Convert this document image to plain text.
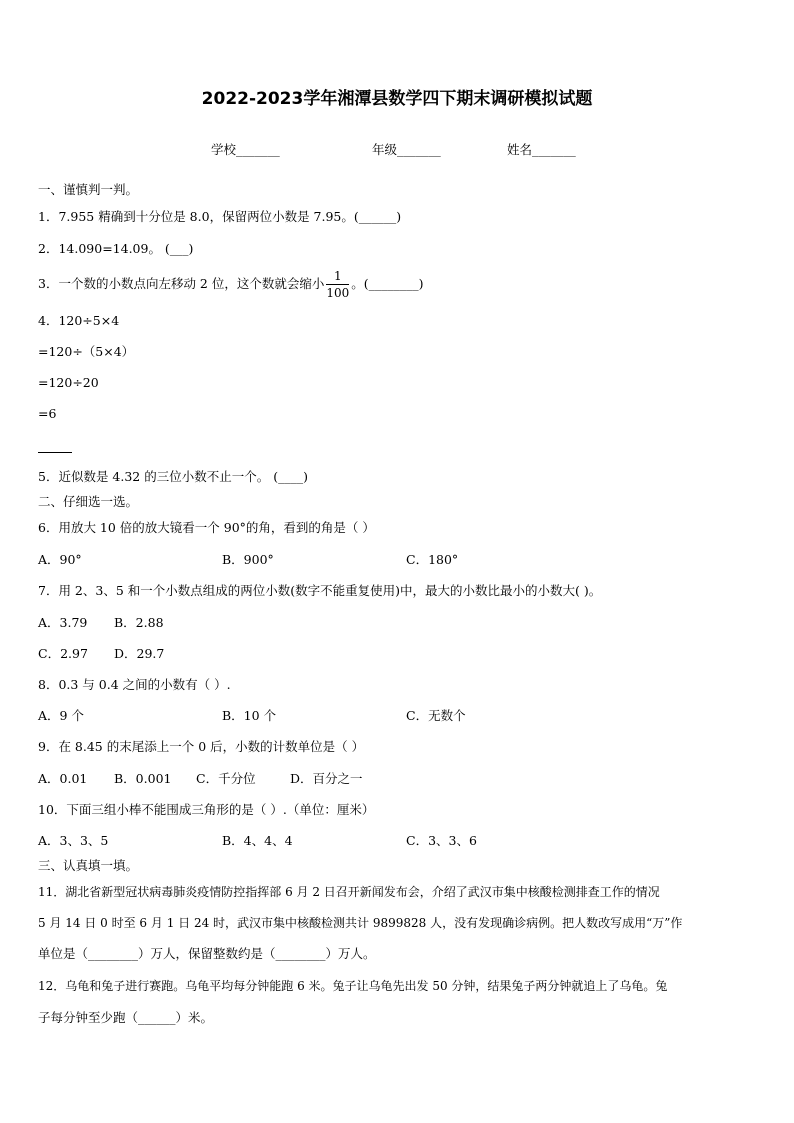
2022-2023学年湘潭县数学四下期末调研模拟试题
学校_______	年级_______	姓名_______
一、谨慎判一判。
1．7.955 精确到十分位是 8.0，保留两位小数是 7.95。(______)
2．14.090=14.09。 (___)
3．一个数的小数点向左移动 2 位，这个数就会缩小 $\frac{1}{100}$ 。(________)
4．120÷5×4
=120÷（5×4）
=120÷20
=6
5．近似数是 4.32 的三位小数不止一个。 (____)
二、仔细选一选。
6．用放大 10 倍的放大镜看一个 90°的角，看到的角是（ ）
A．90°	B．900°	C．180°
7．用 2、3、5 和一个小数点组成的两位小数(数字不能重复使用)中，最大的小数比最小的小数大( )。
A．3.79 B．2.88
C．2.97 D．29.7
8．0.3 与 0.4 之间的小数有（ ）.
A．9 个	B．10 个	C．无数个
9．在 8.45 的末尾添上一个 0 后，小数的计数单位是（ ）
A．0.01 B．0.001 C．千分位	D．百分之一
10．下面三组小棒不能围成三角形的是（ ）.（单位：厘米）
A．3、3、5	B．4、4、4	C．3、3、6
三、认真填一填。
11．湖北省新型冠状病毒肺炎疫情防控指挥部 6 月 2 日召开新闻发布会，介绍了武汉市集中核酸检测排查工作的情况
5 月 14 日 0 时至 6 月 1 日 24 时，武汉市集中核酸检测共计 9899828 人，没有发现确诊病例。把人数改写成用“万”作
单位是（________）万人，保留整数约是（________）万人。
12．乌龟和兔子进行赛跑。乌龟平均每分钟能跑 6 米。兔子让乌龟先出发 50 分钟，结果兔子两分钟就追上了乌龟。兔
子每分钟至少跑（______）米。
